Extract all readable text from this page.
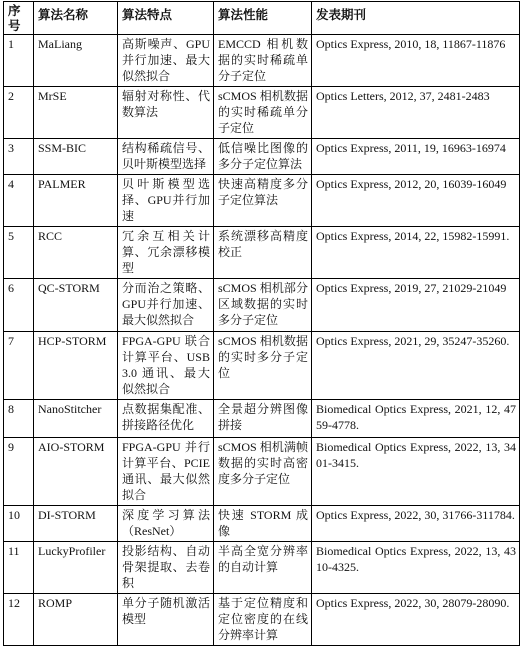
序号	算法名称	算法特点	算法性能	发表期刊
1	MaLiang	高斯噪声、GPU并行加速、最大似然拟合	EMCCD 相机数据的实时稀疏单分子定位	Optics Express, 2010, 18, 11867-11876
2	MrSE	辐射对称性、代数算法	sCMOS 相机数据的实时稀疏单分子定位	Optics Letters, 2012, 37, 2481-2483
3	SSM-BIC	结构稀疏信号、贝叶斯模型选择	低信噪比图像的多分子定位算法	Optics Express, 2011, 19, 16963-16974
4	PALMER	贝叶斯模型选择、GPU并行加速	快速高精度多分子定位算法	Optics Express, 2012, 20, 16039-16049
5	RCC	冗余互相关计算、冗余漂移模型	系统漂移高精度校正	Optics Express, 2014, 22, 15982-15991.
6	QC-STORM	分而治之策略、GPU并行加速、最大似然拟合	sCMOS 相机部分区域数据的实时多分子定位	Optics Express, 2019, 27, 21029-21049
7	HCP-STORM	FPGA-GPU 联合计算平台、USB 3.0 通讯、最大似然拟合	sCMOS 相机数据的实时多分子定位	Optics Express, 2021, 29, 35247-35260.
8	NanoStitcher	点数据集配准、拼接路径优化	全景超分辨图像拼接	Biomedical Optics Express, 2021, 12, 4759-4778.
9	AIO-STORM	FPGA-GPU 并行计算平台、PCIE 通讯、最大似然拟合	sCMOS 相机满帧数据的实时高密度多分子定位	Biomedical Optics Express, 2022, 13, 3401-3415.
10	DI-STORM	深度学习算法（ResNet）	快速 STORM 成像	Optics Express, 2022, 30, 31766-311784.
11	LuckyProfiler	投影结构、自动骨架提取、去卷积	半高全宽分辨率的自动计算	Biomedical Optics Express, 2022, 13, 4310-4325.
12	ROMP	单分子随机激活模型	基于定位精度和定位密度的在线分辨率计算	Optics Express, 2022, 30, 28079-28090.
